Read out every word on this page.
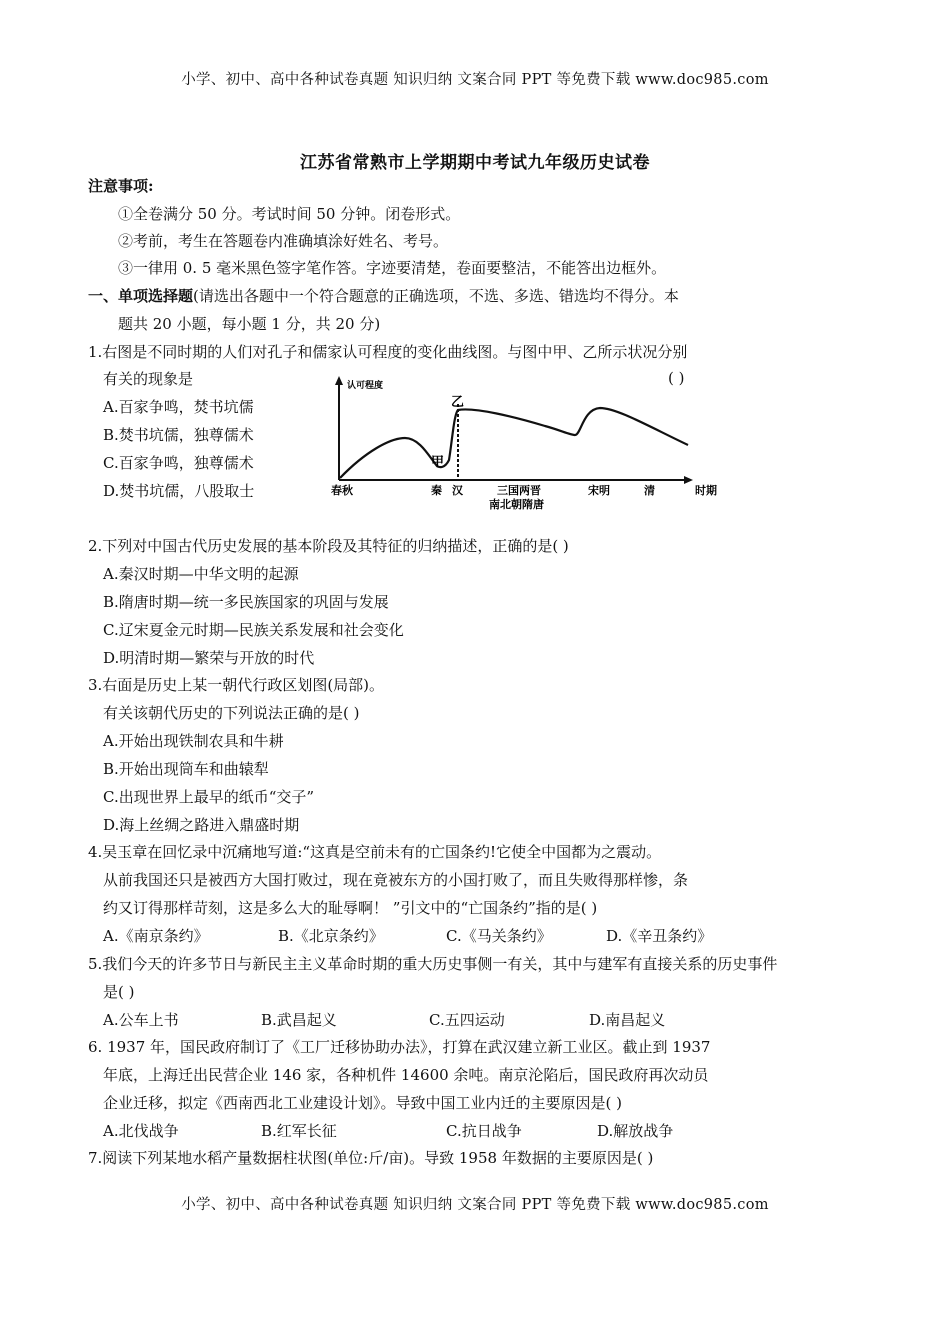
小学、初中、高中各种试卷真题 知识归纳 文案合同 PPT 等免费下载 www.doc985.com
江苏省常熟市上学期期中考试九年级历史试卷
注意事项:
①全卷满分 50 分。考试时间 50 分钟。闭卷形式。
②考前，考生在答题卷内准确填涂好姓名、考号。
③一律用 0. 5 毫米黑色签字笔作答。字迹要清楚，卷面要整洁，不能答出边框外。
一、单项选择题(请选出各题中一个符合题意的正确选项，不选、多选、错选均不得分。本
题共 20 小题，每小题 1 分，共 20 分)
1.右图是不同时期的人们对孔子和儒家认可程度的变化曲线图。与图中甲、乙所示状况分别
有关的现象是	( )
A.百家争鸣，焚书坑儒
B.焚书坑儒，独尊儒术
C.百家争鸣，独尊儒术
D.焚书坑儒，八股取士
认可程度
甲
乙
春秋	秦 汉	三国两晋
南北朝隋唐
宋明	清	时期
2.下列对中国古代历史发展的基本阶段及其特征的归纳描述，正确的是( )
A.秦汉时期—中华文明的起源
B.隋唐时期—统一多民族国家的巩固与发展
C.辽宋夏金元时期—民族关系发展和社会变化
D.明清时期—繁荣与开放的时代
3.右面是历史上某一朝代行政区划图(局部)。
有关该朝代历史的下列说法正确的是( )
A.开始出现铁制农具和牛耕
B.开始出现筒车和曲辕犁
C.出现世界上最早的纸币“交子”
D.海上丝绸之路进入鼎盛时期
4.吴玉章在回忆录中沉痛地写道:“这真是空前未有的亡国条约!它使全中国都为之震动。
从前我国还只是被西方大国打败过，现在竟被东方的小国打败了，而且失败得那样惨，条
约又订得那样苛刻，这是多么大的耻辱啊！ ”引文中的“亡国条约”指的是( )
A.《南京条约》	B.《北京条约》	C.《马关条约》	D.《辛丑条约》
5.我们今天的许多节日与新民主主义革命时期的重大历史事侧一有关，其中与建军有直接关系的历史事件
是( )
A.公车上书	B.武昌起义	C.五四运动	D.南昌起义
6. 1937 年，国民政府制订了《工厂迁移协助办法》，打算在武汉建立新工业区。截止到 1937
年底，上海迁出民营企业 146 家，各种机件 14600 余吨。南京沦陷后，国民政府再次动员
企业迁移，拟定《西南西北工业建设计划》。导致中国工业内迁的主要原因是( )
A.北伐战争	B.红军长征	C.抗日战争	D.解放战争
7.阅读下列某地水稻产量数据柱状图(单位:斤/亩)。导致 1958 年数据的主要原因是( )
小学、初中、高中各种试卷真题 知识归纳 文案合同 PPT 等免费下载 www.doc985.com
